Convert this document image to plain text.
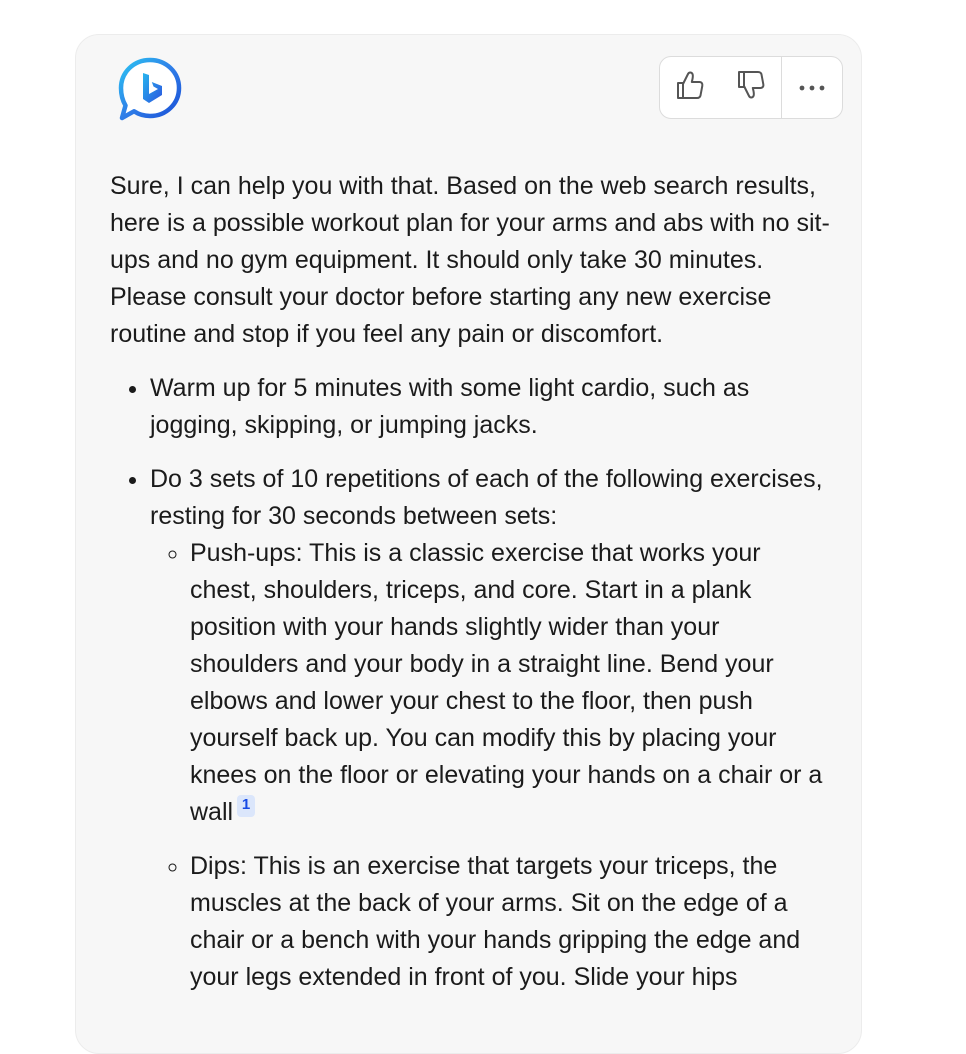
Sure, I can help you with that. Based on the web search results, here is a possible workout plan for your arms and abs with no sit-ups and no gym equipment. It should only take 30 minutes. Please consult your doctor before starting any new exercise routine and stop if you feel any pain or discomfort.

• Warm up for 5 minutes with some light cardio, such as jogging, skipping, or jumping jacks.
• Do 3 sets of 10 repetitions of each of the following exercises, resting for 30 seconds between sets:
◦ Push-ups: This is a classic exercise that works your chest, shoulders, triceps, and core. Start in a plank position with your hands slightly wider than your shoulders and your body in a straight line. Bend your elbows and lower your chest to the floor, then push yourself back up. You can modify this by placing your knees on the floor or elevating your hands on a chair or a wall 1
◦ Dips: This is an exercise that targets your triceps, the muscles at the back of your arms. Sit on the edge of a chair or a bench with your hands gripping the edge and your legs extended in front of you. Slide your hips
